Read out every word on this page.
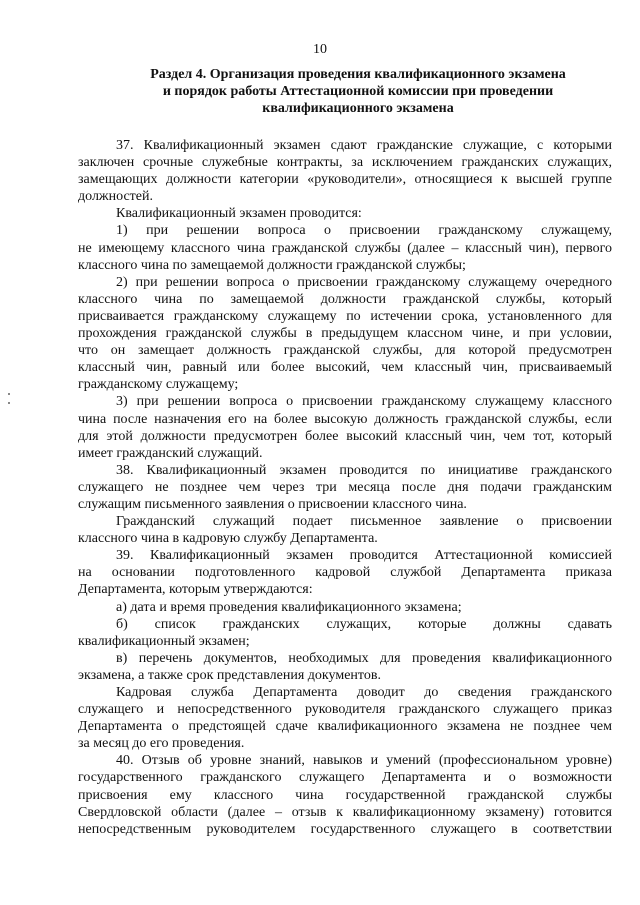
10
Раздел 4. Организация проведения квалификационного экзамена
и порядок работы Аттестационной комиссии при проведении
квалификационного экзамена
37. Квалификационный экзамен сдают гражданские служащие, с которыми
заключен срочные служебные контракты, за исключением гражданских служащих,
замещающих должности категории «руководители», относящиеся к высшей группе
должностей.
Квалификационный экзамен проводится:
1) при решении вопроса о присвоении гражданскому служащему,
не имеющему классного чина гражданской службы (далее – классный чин), первого
классного чина по замещаемой должности гражданской службы;
2) при решении вопроса о присвоении гражданскому служащему очередного
классного чина по замещаемой должности гражданской службы, который
присваивается гражданскому служащему по истечении срока, установленного для
прохождения гражданской службы в предыдущем классном чине, и при условии,
что он замещает должность гражданской службы, для которой предусмотрен
классный чин, равный или более высокий, чем классный чин, присваиваемый
гражданскому служащему;
3) при решении вопроса о присвоении гражданскому служащему классного
чина после назначения его на более высокую должность гражданской службы, если
для этой должности предусмотрен более высокий классный чин, чем тот, который
имеет гражданский служащий.
38. Квалификационный экзамен проводится по инициативе гражданского
служащего не позднее чем через три месяца после дня подачи гражданским
служащим письменного заявления о присвоении классного чина.
Гражданский служащий подает письменное заявление о присвоении
классного чина в кадровую службу Департамента.
39. Квалификационный экзамен проводится Аттестационной комиссией
на основании подготовленного кадровой службой Департамента приказа
Департамента, которым утверждаются:
а) дата и время проведения квалификационного экзамена;
б) список гражданских служащих, которые должны сдавать
квалификационный экзамен;
в) перечень документов, необходимых для проведения квалификационного
экзамена, а также срок представления документов.
Кадровая служба Департамента доводит до сведения гражданского
служащего и непосредственного руководителя гражданского служащего приказ
Департамента о предстоящей сдаче квалификационного экзамена не позднее чем
за месяц до его проведения.
40. Отзыв об уровне знаний, навыков и умений (профессиональном уровне)
государственного гражданского служащего Департамента и о возможности
присвоения ему классного чина государственной гражданской службы
Свердловской области (далее – отзыв к квалификационному экзамену) готовится
непосредственным руководителем государственного служащего в соответствии
